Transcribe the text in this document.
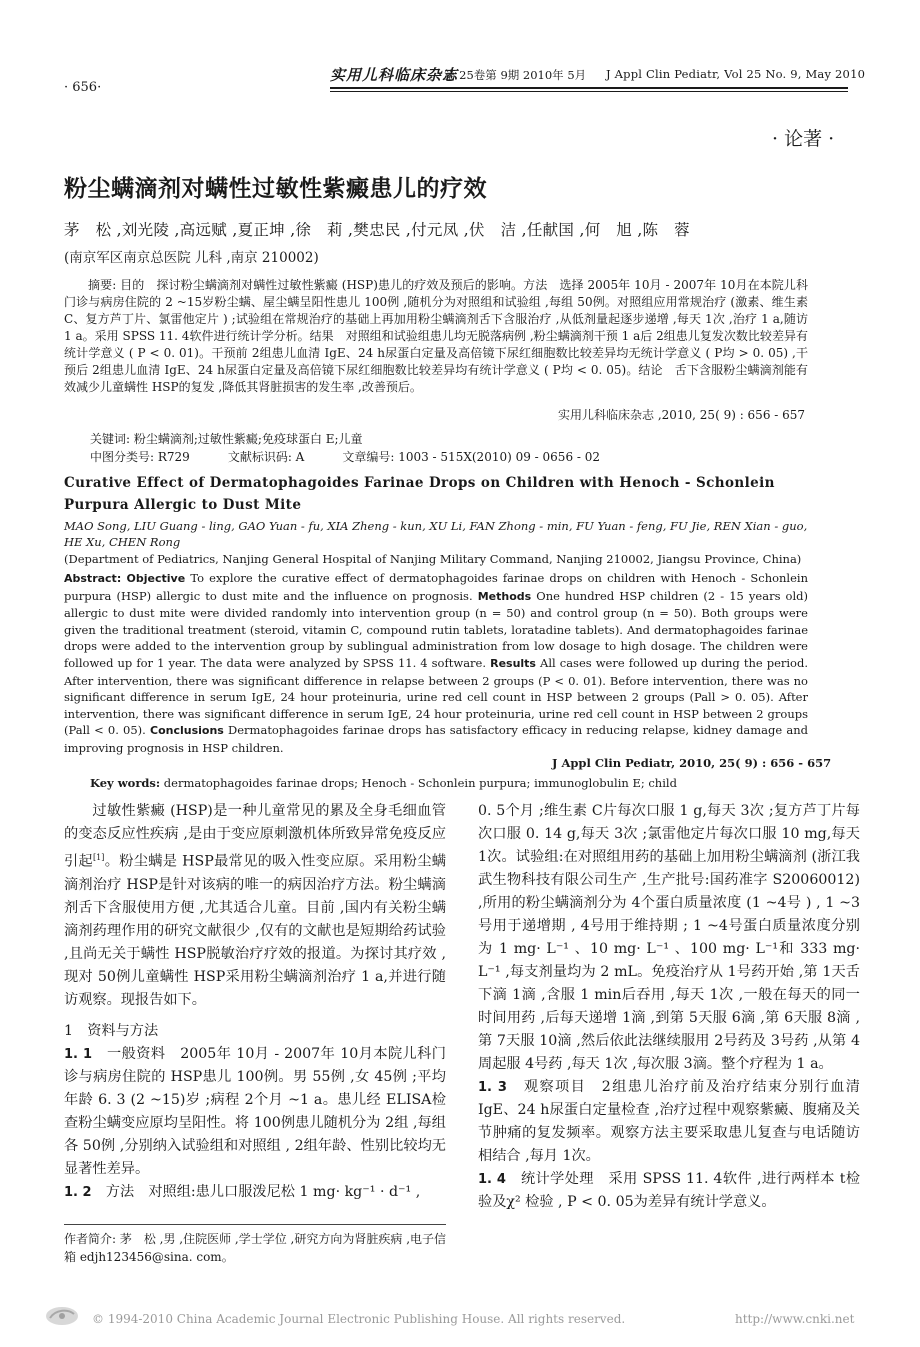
· 656·
实用儿科临床杂志
第 25卷第 9期 2010年 5月 J Appl Clin Pediatr, Vol 25 No. 9, May 2010
· 论著 ·
粉尘螨滴剂对螨性过敏性紫癜患儿的疗效
茅　松 ,刘光陵 ,高远赋 ,夏正坤 ,徐　莉 ,樊忠民 ,付元凤 ,伏　洁 ,任献国 ,何　旭 ,陈　蓉
(南京军区南京总医院 儿科 ,南京 210002)
摘要: 目的　探讨粉尘螨滴剂对螨性过敏性紫癜 (HSP)患儿的疗效及预后的影响。方法　选择 2005年 10月 - 2007年 10月在本院儿科门诊与病房住院的 2 ~15岁粉尘螨、屋尘螨呈阳性患儿 100例 ,随机分为对照组和试验组 ,每组 50例。对照组应用常规治疗 (激素、维生素 C、复方芦丁片、氯雷他定片 ) ;试验组在常规治疗的基础上再加用粉尘螨滴剂舌下含服治疗 ,从低剂量起逐步递增 ,每天 1次 ,治疗 1 a,随访 1 a。采用 SPSS 11. 4软件进行统计学分析。结果　对照组和试验组患儿均无脱落病例 ,粉尘螨滴剂干预 1 a后 2组患儿复发次数比较差异有统计学意义 ( P < 0. 01)。干预前 2组患儿血清 IgE、24 h尿蛋白定量及高倍镜下尿红细胞数比较差异均无统计学意义 ( P均 > 0. 05) ,干预后 2组患儿血清 IgE、24 h尿蛋白定量及高倍镜下尿红细胞数比较差异均有统计学意义 ( P均 < 0. 05)。结论　舌下含服粉尘螨滴剂能有效减少儿童螨性 HSP的复发 ,降低其肾脏损害的发生率 ,改善预后。
实用儿科临床杂志 ,2010, 25( 9) : 656 - 657
关键词: 粉尘螨滴剂;过敏性紫癜;免疫球蛋白 E;儿童
中图分类号: R729	文献标识码: A	文章编号: 1003 - 515X(2010) 09 - 0656 - 02
Curative Effect of Dermatophagoides Farinae Drops on Children with Henoch - Schonlein Purpura Allergic to Dust Mite
MAO Song, LIU Guang - ling, GAO Yuan - fu, XIA Zheng - kun, XU Li, FAN Zhong - min, FU Yuan - feng, FU Jie, REN Xian - guo, HE Xu, CHEN Rong
(Department of Pediatrics, Nanjing General Hospital of Nanjing Military Command, Nanjing 210002, Jiangsu Province, China)
Abstract: Objective To explore the curative effect of dermatophagoides farinae drops on children with Henoch - Schonlein purpura (HSP) allergic to dust mite and the influence on prognosis. Methods One hundred HSP children (2 - 15 years old) allergic to dust mite were divided randomly into intervention group (n = 50) and control group (n = 50). Both groups were given the traditional treatment (steroid, vitamin C, compound rutin tablets, loratadine tablets). And dermatophagoides farinae drops were added to the intervention group by sublingual administration from low dosage to high dosage. The children were followed up for 1 year. The data were analyzed by SPSS 11. 4 software. Results All cases were followed up during the period. After intervention, there was significant difference in relapse between 2 groups (P < 0. 01). Before intervention, there was no significant difference in serum IgE, 24 hour proteinuria, urine red cell count in HSP between 2 groups (Pall > 0. 05). After intervention, there was significant difference in serum IgE, 24 hour proteinuria, urine red cell count in HSP between 2 groups (Pall < 0. 05). Conclusions Dermatophagoides farinae drops has satisfactory efficacy in reducing relapse, kidney damage and improving prognosis in HSP children.
J Appl Clin Pediatr, 2010, 25( 9) : 656 - 657
Key words: dermatophagoides farinae drops; Henoch - Schonlein purpura; immunoglobulin E; child
过敏性紫癜 (HSP)是一种儿童常见的累及全身毛细血管的变态反应性疾病 ,是由于变应原刺激机体所致异常免疫反应引起[1]。粉尘螨是 HSP最常见的吸入性变应原。采用粉尘螨滴剂治疗 HSP是针对该病的唯一的病因治疗方法。粉尘螨滴剂舌下含服使用方便 ,尤其适合儿童。目前 ,国内有关粉尘螨滴剂药理作用的研究文献很少 ,仅有的文献也是短期给药试验 ,且尚无关于螨性 HSP脱敏治疗疗效的报道。为探讨其疗效 ,现对 50例儿童螨性 HSP采用粉尘螨滴剂治疗 1 a,并进行随访观察。现报告如下。
1　资料与方法
1. 1　一般资料　2005年 10月 - 2007年 10月本院儿科门诊与病房住院的 HSP患儿 100例。男 55例 ,女 45例 ;平均年龄 6. 3 (2 ~15)岁 ;病程 2个月 ~1 a。患儿经 ELISA检查粉尘螨变应原均呈阳性。将 100例患儿随机分为 2组 ,每组各 50例 ,分别纳入试验组和对照组 , 2组年龄、性别比较均无显著性差异。
1. 2　方法　对照组:患儿口服泼尼松 1 mg· kg⁻¹ · d⁻¹ ,
0. 5个月 ;维生素 C片每次口服 1 g,每天 3次 ;复方芦丁片每次口服 0. 14 g,每天 3次 ;氯雷他定片每次口服 10 mg,每天 1次。试验组:在对照组用药的基础上加用粉尘螨滴剂 (浙江我武生物科技有限公司生产 ,生产批号:国药准字 S20060012) ,所用的粉尘螨滴剂分为 4个蛋白质量浓度 (1 ~4号 ) , 1 ~3号用于递增期 , 4号用于维持期 ; 1 ~4号蛋白质量浓度分别为 1 mg· L⁻¹ 、10 mg· L⁻¹ 、100 mg· L⁻¹和 333 mg· L⁻¹ ,每支剂量均为 2 mL。免疫治疗从 1号药开始 ,第 1天舌下滴 1滴 ,含服 1 min后吞用 ,每天 1次 ,一般在每天的同一时间用药 ,后每天递增 1滴 ,到第 5天服 6滴 ,第 6天服 8滴 ,第 7天服 10滴 ,然后依此法继续服用 2号药及 3号药 ,从第 4周起服 4号药 ,每天 1次 ,每次服 3滴。整个疗程为 1 a。
1. 3　观察项目　2组患儿治疗前及治疗结束分别行血清 IgE、24 h尿蛋白定量检查 ,治疗过程中观察紫癜、腹痛及关节肿痛的复发频率。观察方法主要采取患儿复查与电话随访相结合 ,每月 1次。
1. 4　统计学处理　采用 SPSS 11. 4软件 ,进行两样本 t检验及χ² 检验 , P < 0. 05为差异有统计学意义。
作者简介: 茅　松 ,男 ,住院医师 ,学士学位 ,研究方向为肾脏疾病 ,电子信箱 edjh123456@sina. com。
© 1994-2010 China Academic Journal Electronic Publishing House. All rights reserved.	http://www.cnki.net
